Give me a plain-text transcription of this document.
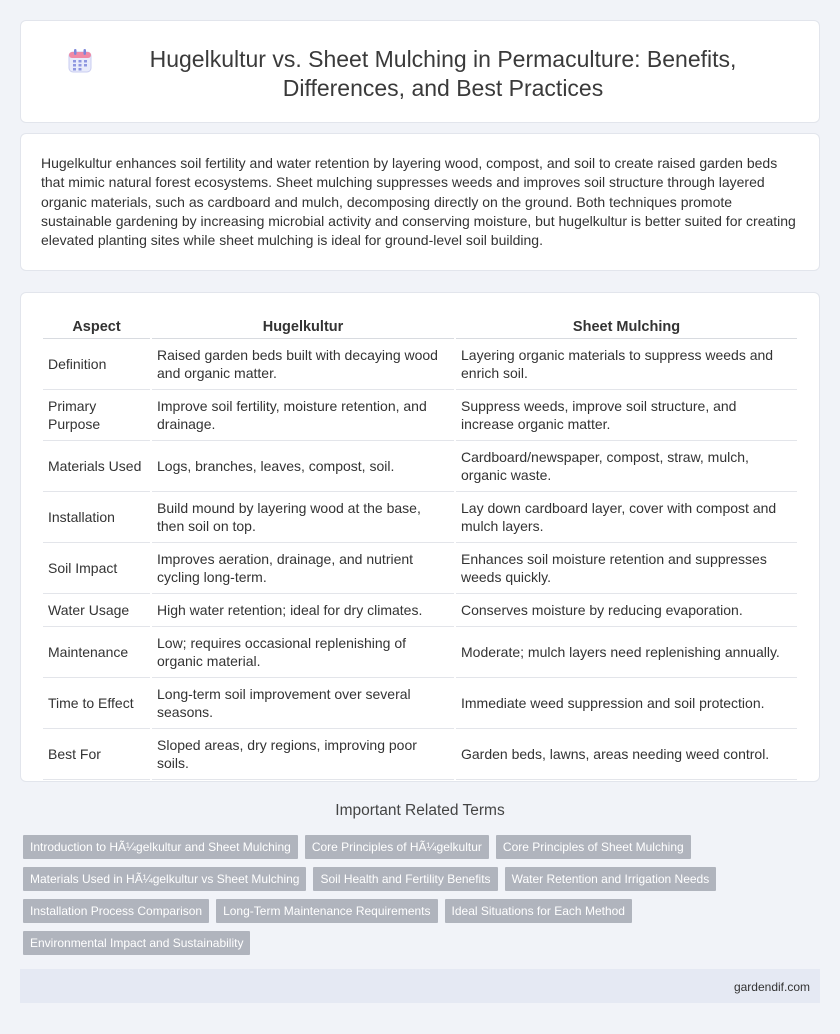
Hugelkultur vs. Sheet Mulching in Permaculture: Benefits, Differences, and Best Practices

Hugelkultur enhances soil fertility and water retention by layering wood, compost, and soil to create raised garden beds that mimic natural forest ecosystems. Sheet mulching suppresses weeds and improves soil structure through layered organic materials, such as cardboard and mulch, decomposing directly on the ground. Both techniques promote sustainable gardening by increasing microbial activity and conserving moisture, but hugelkultur is better suited for creating elevated planting sites while sheet mulching is ideal for ground-level soil building.

Aspect	Hugelkultur	Sheet Mulching
Definition	Raised garden beds built with decaying wood and organic matter.	Layering organic materials to suppress weeds and enrich soil.
Primary Purpose	Improve soil fertility, moisture retention, and drainage.	Suppress weeds, improve soil structure, and increase organic matter.
Materials Used	Logs, branches, leaves, compost, soil.	Cardboard/newspaper, compost, straw, mulch, organic waste.
Installation	Build mound by layering wood at the base, then soil on top.	Lay down cardboard layer, cover with compost and mulch layers.
Soil Impact	Improves aeration, drainage, and nutrient cycling long-term.	Enhances soil moisture retention and suppresses weeds quickly.
Water Usage	High water retention; ideal for dry climates.	Conserves moisture by reducing evaporation.
Maintenance	Low; requires occasional replenishing of organic material.	Moderate; mulch layers need replenishing annually.
Time to Effect	Long-term soil improvement over several seasons.	Immediate weed suppression and soil protection.
Best For	Sloped areas, dry regions, improving poor soils.	Garden beds, lawns, areas needing weed control.
Important Related Terms
Introduction to HÃ¼gelkultur and Sheet Mulching	Core Principles of HÃ¼gelkultur	Core Principles of Sheet Mulching
Materials Used in HÃ¼gelkultur vs Sheet Mulching	Soil Health and Fertility Benefits	Water Retention and Irrigation Needs
Installation Process Comparison	Long-Term Maintenance Requirements	Ideal Situations for Each Method
Environmental Impact and Sustainability
gardendif.com
